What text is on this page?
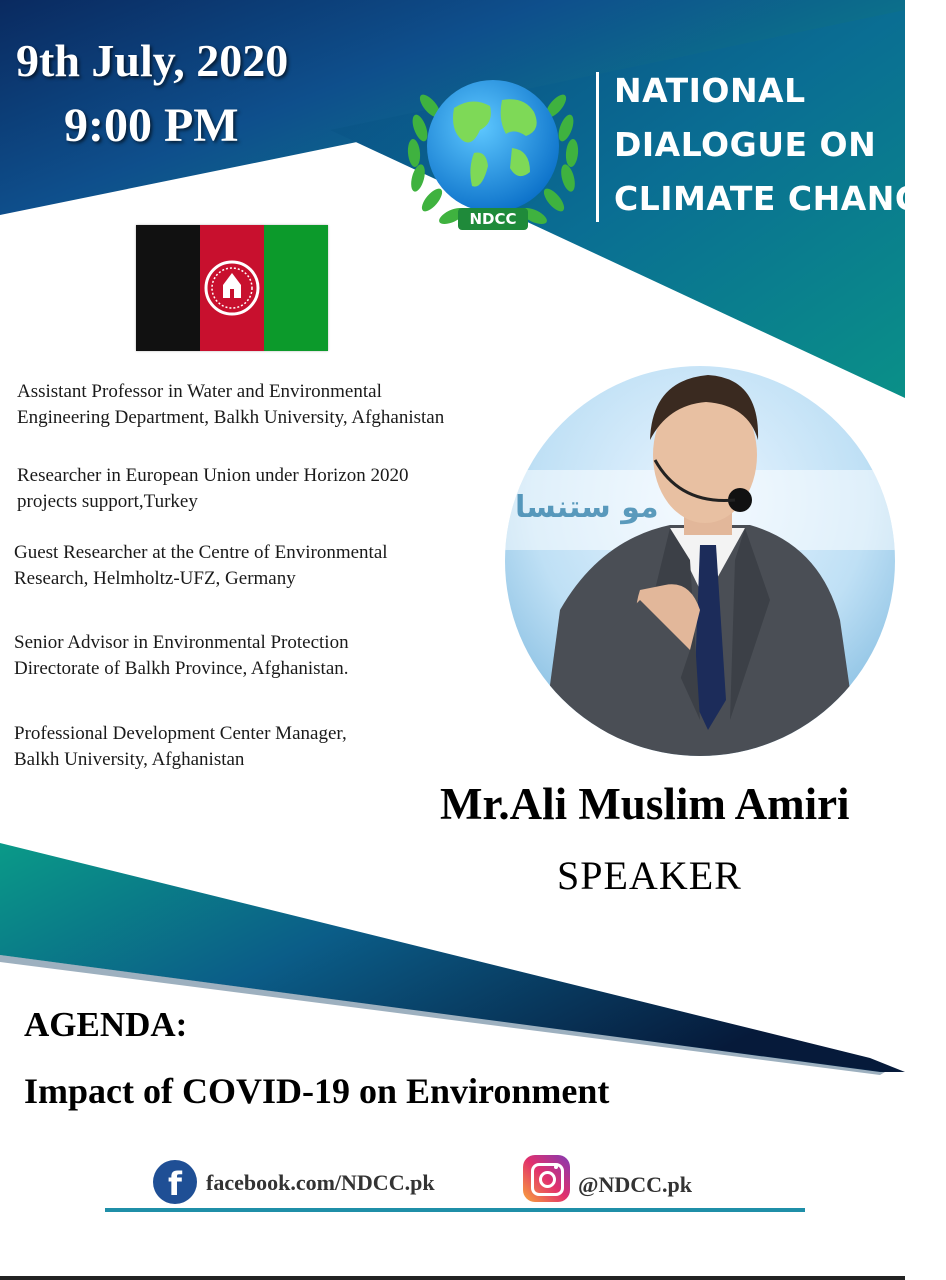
9th July, 2020
9:00 PM
NDCC
NATIONAL
DIALOGUE ON
CLIMATE CHANGE

Assistant Professor in Water and Environmental
Engineering Department, Balkh University, Afghanistan

Researcher in European Union under Horizon 2020
projects support,Turkey

Guest Researcher at the Centre of Environmental
Research, Helmholtz-UFZ, Germany

Senior Advisor in Environmental Protection
Directorate of Balkh Province, Afghanistan.

Professional Development Center Manager,
Balkh University, Afghanistan

مو ستنسا
Mr.Ali Muslim Amiri
SPEAKER
AGENDA:
Impact of COVID-19 on Environment
f	facebook.com/NDCC.pk	@NDCC.pk
